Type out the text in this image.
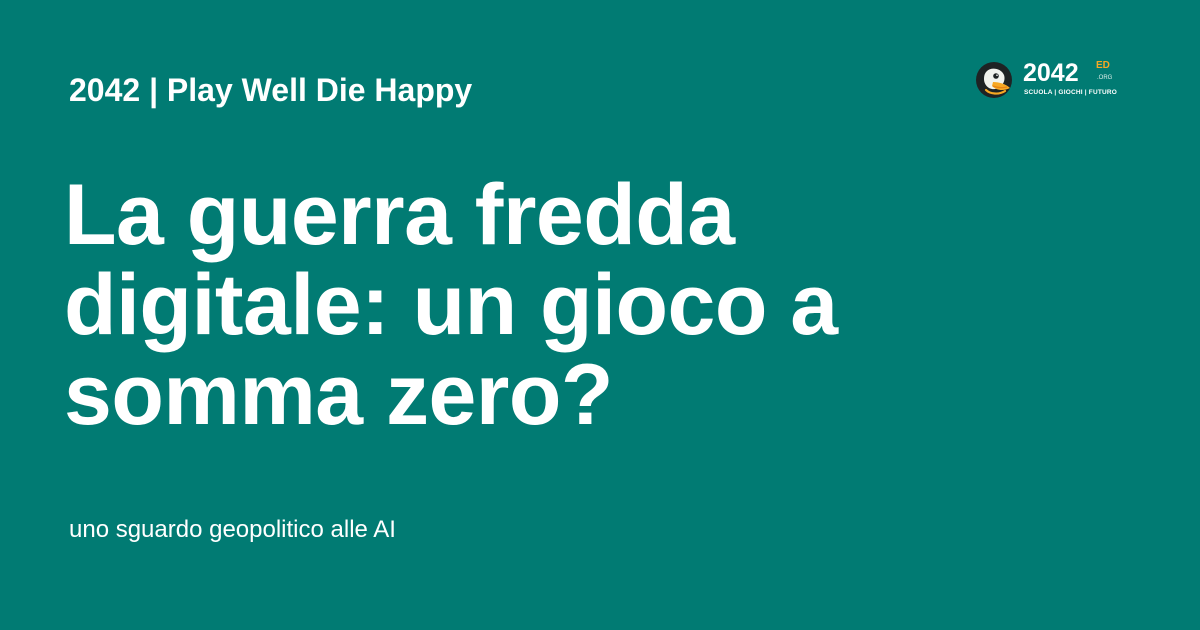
2042 | Play Well Die Happy	2042 ED
.ORG
SCUOLA | GIOCHI | FUTURO
La guerra fredda
digitale: un gioco a
somma zero?
uno sguardo geopolitico alle AI
